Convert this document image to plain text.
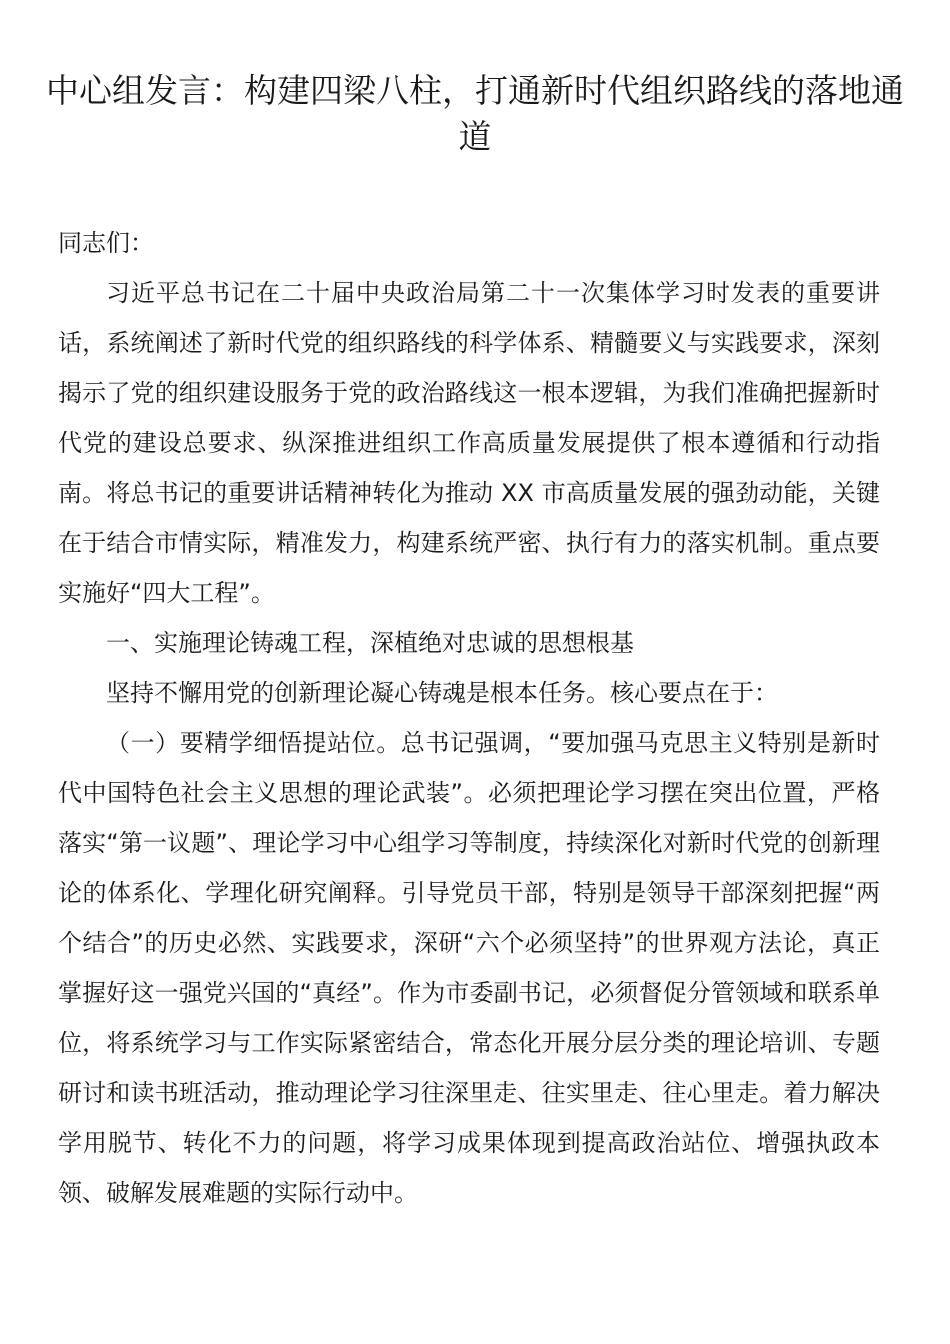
中心组发言：构建四梁八柱，打通新时代组织路线的落地通道

同志们：

习近平总书记在二十届中央政治局第二十一次集体学习时发表的重要讲话，系统阐述了新时代党的组织路线的科学体系、精髓要义与实践要求，深刻揭示了党的组织建设服务于党的政治路线这一根本逻辑，为我们准确把握新时代党的建设总要求、纵深推进组织工作高质量发展提供了根本遵循和行动指南。将总书记的重要讲话精神转化为推动 XX 市高质量发展的强劲动能，关键在于结合市情实际，精准发力，构建系统严密、执行有力的落实机制。重点要实施好“四大工程”。

一、实施理论铸魂工程，深植绝对忠诚的思想根基

坚持不懈用党的创新理论凝心铸魂是根本任务。核心要点在于：

（一）要精学细悟提站位。总书记强调，“要加强马克思主义特别是新时代中国特色社会主义思想的理论武装”。必须把理论学习摆在突出位置，严格落实“第一议题”、理论学习中心组学习等制度，持续深化对新时代党的创新理论的体系化、学理化研究阐释。引导党员干部，特别是领导干部深刻把握“两个结合”的历史必然、实践要求，深研“六个必须坚持”的世界观方法论，真正掌握好这一强党兴国的“真经”。作为市委副书记，必须督促分管领域和联系单位，将系统学习与工作实际紧密结合，常态化开展分层分类的理论培训、专题研讨和读书班活动，推动理论学习往深里走、往实里走、往心里走。着力解决学用脱节、转化不力的问题，将学习成果体现到提高政治站位、增强执政本领、破解发展难题的实际行动中。
